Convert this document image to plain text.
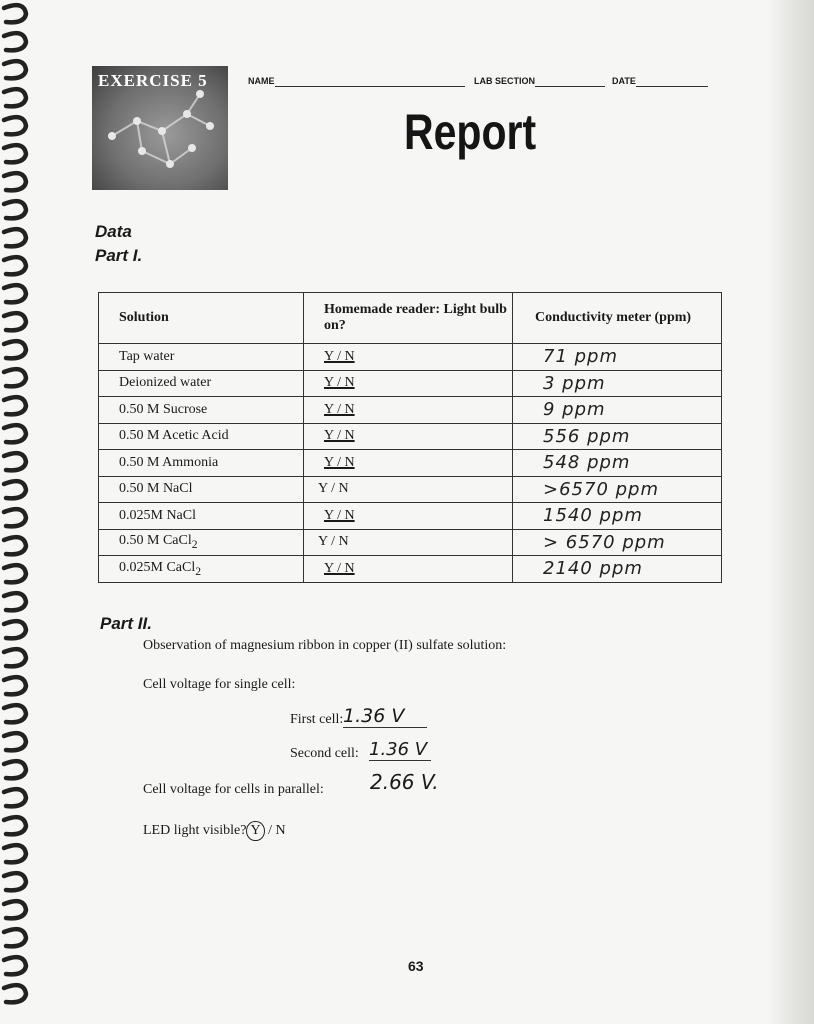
EXERCISE 5	NAME	LAB SECTION	DATE
Report
Data
Part I.
Solution	Homemade reader: Light bulb on?	Conductivity meter (ppm)
Tap water	Y / N	71 ppm
Deionized water	Y / N	3 ppm
0.50 M Sucrose	Y / N	9 ppm
0.50 M Acetic Acid	Y / N	556 ppm
0.50 M Ammonia	Y / N	548 ppm
0.50 M NaCl	Y / N	>6570 ppm
0.025M NaCl	Y / N	1540 ppm
0.50 M CaCl$_2$	Y / N	> 6570 ppm
0.025M CaCl$_2$	Y / N	2140 ppm
Part II.
Observation of magnesium ribbon in copper (II) sulfate solution:
Cell voltage for single cell:
First cell: 1.36 V
Second cell: 1.36 V
Cell voltage for cells in parallel: 2.66 V.
LED light visible? Y / N
63
